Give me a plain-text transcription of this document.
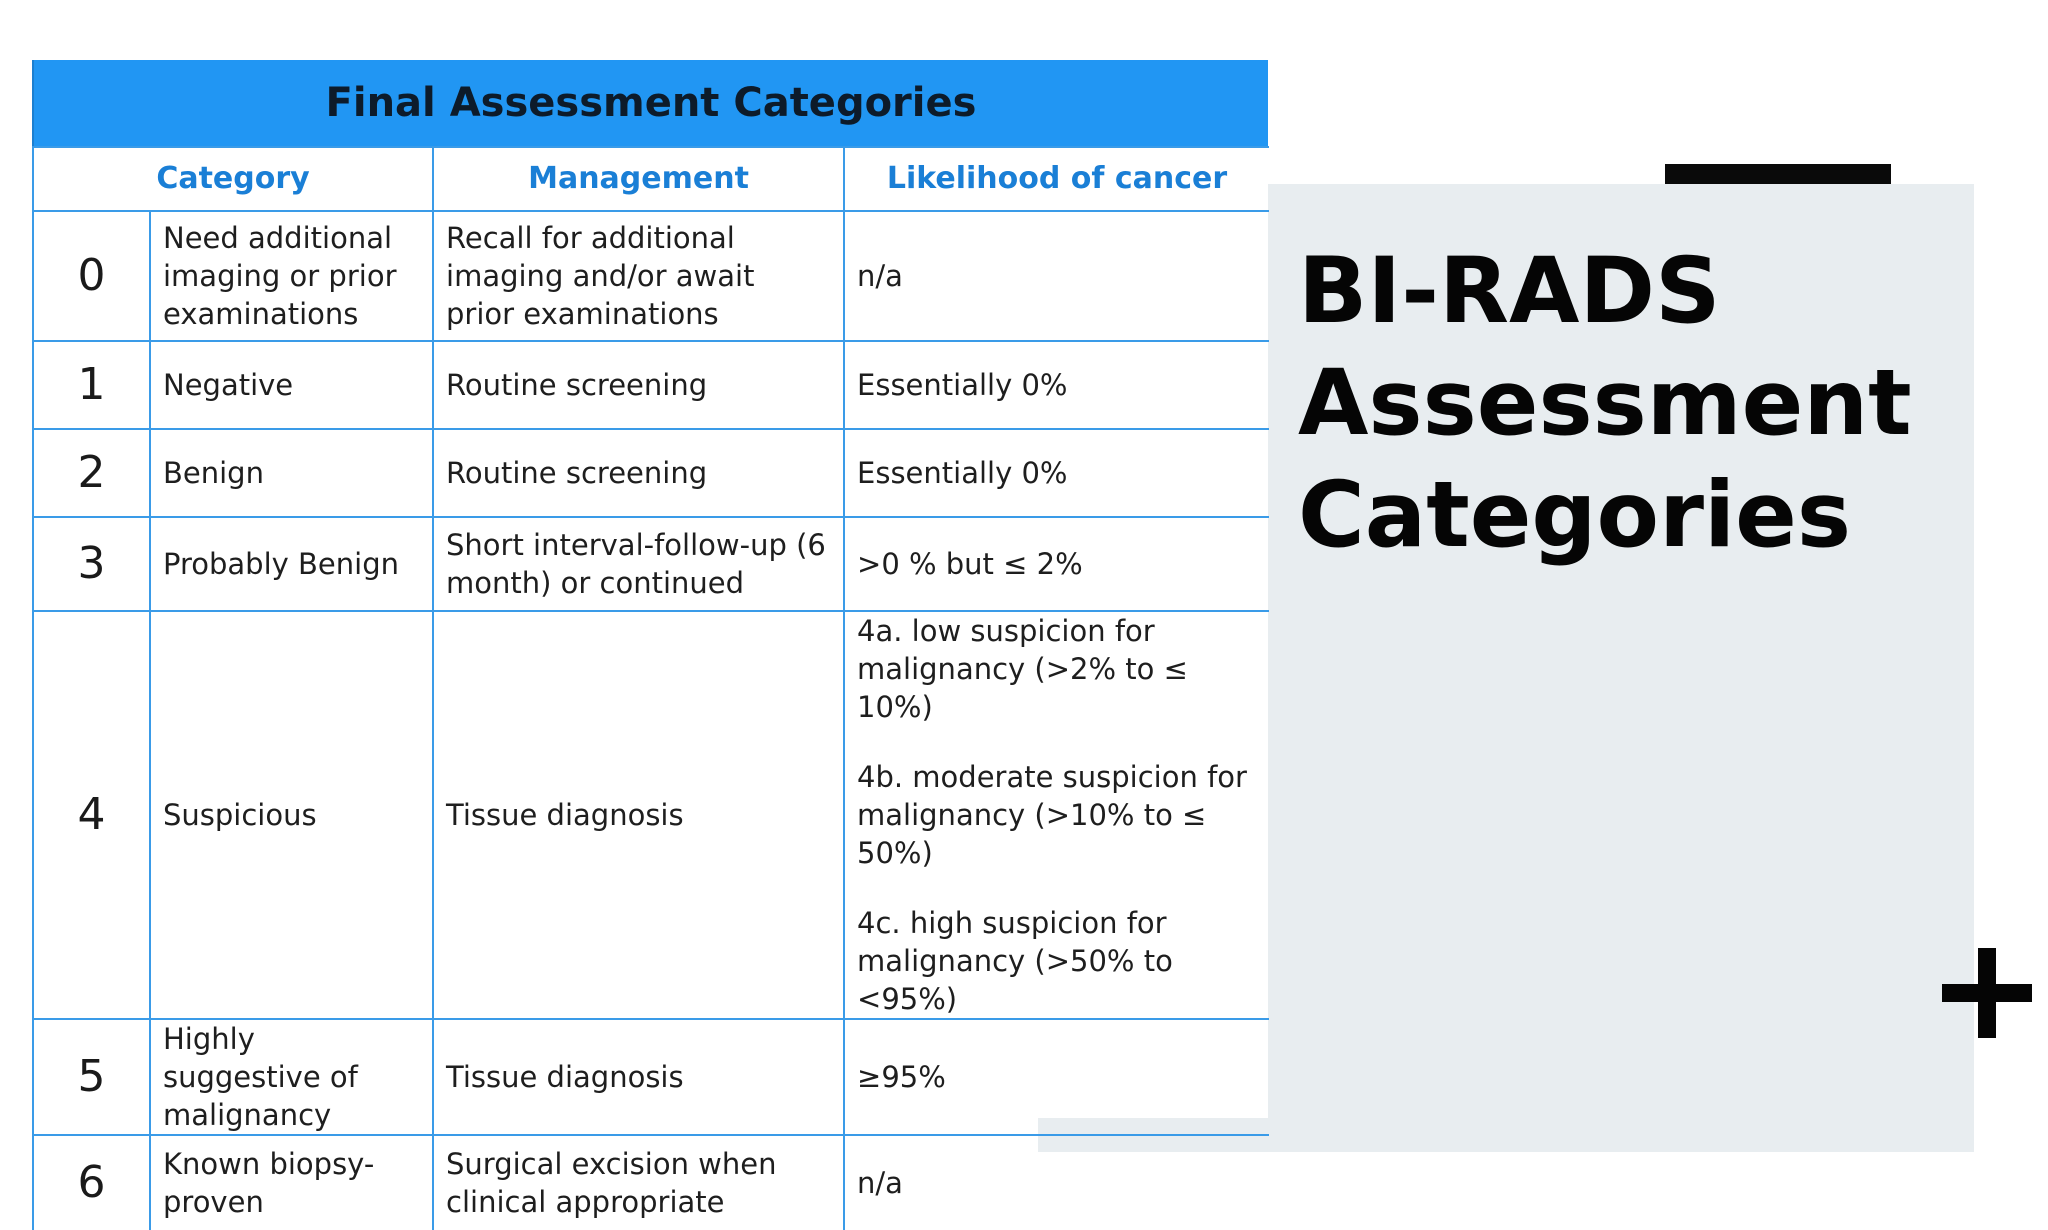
BI-RADS
Assessment
Categories
Final Assessment Categories
Category		Management	Likelihood of cancer
0	Need additional imaging or prior examinations	Recall for additional imaging and/or await prior examinations	n/a
1	Negative	Routine screening	Essentially 0%
2	Benign	Routine screening	Essentially 0%
3	Probably Benign	Short interval-follow-up (6 month) or continued	>0 % but ≤ 2%
4	Suspicious	Tissue diagnosis	4a. low suspicion for malignancy (>2% to ≤ 10%)

4b. moderate suspicion for malignancy (>10% to ≤ 50%)

4c. high suspicion for malignancy (>50% to <95%)

5	Highly suggestive of malignancy	Tissue diagnosis	≥95%
6	Known biopsy-proven	Surgical excision when clinical appropriate	n/a
